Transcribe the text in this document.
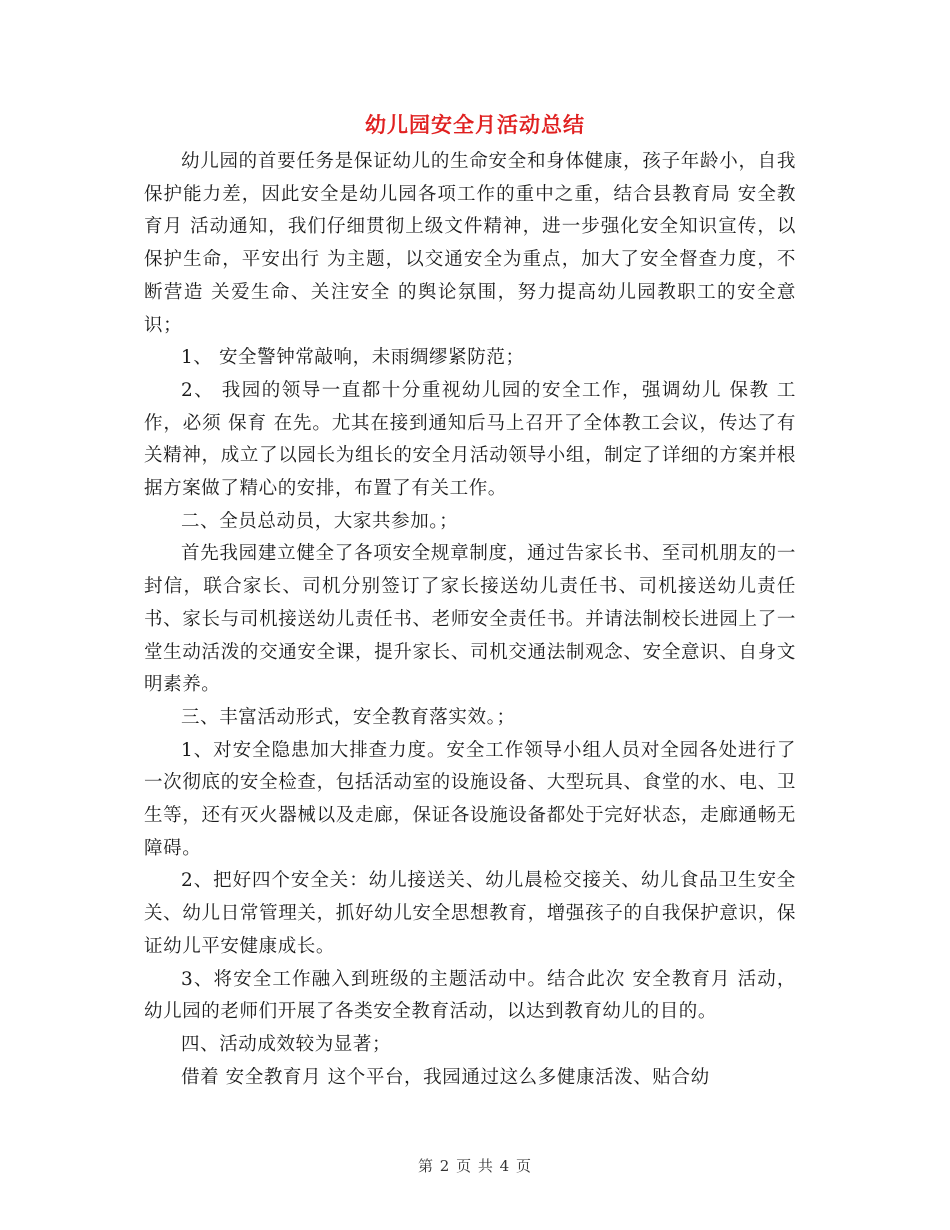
幼儿园安全月活动总结

幼儿园的首要任务是保证幼儿的生命安全和身体健康，孩子年龄小，自我保护能力差，因此安全是幼儿园各项工作的重中之重，结合县教育局 安全教育月 活动通知，我们仔细贯彻上级文件精神，进一步强化安全知识宣传，以 保护生命，平安出行 为主题，以交通安全为重点，加大了安全督查力度，不断营造 关爱生命、关注安全 的舆论氛围，努力提高幼儿园教职工的安全意识；

1、 安全警钟常敲响，未雨绸缪紧防范；

2、 我园的领导一直都十分重视幼儿园的安全工作，强调幼儿 保教 工作，必须 保育 在先。尤其在接到通知后马上召开了全体教工会议，传达了有关精神，成立了以园长为组长的安全月活动领导小组，制定了详细的方案并根据方案做了精心的安排，布置了有关工作。

二、全员总动员，大家共参加。；

首先我园建立健全了各项安全规章制度，通过告家长书、至司机朋友的一封信，联合家长、司机分别签订了家长接送幼儿责任书、司机接送幼儿责任书、家长与司机接送幼儿责任书、老师安全责任书。并请法制校长进园上了一堂生动活泼的交通安全课，提升家长、司机交通法制观念、安全意识、自身文明素养。

三、丰富活动形式，安全教育落实效。；

1、对安全隐患加大排查力度。安全工作领导小组人员对全园各处进行了一次彻底的安全检查，包括活动室的设施设备、大型玩具、食堂的水、电、卫生等，还有灭火器械以及走廊，保证各设施设备都处于完好状态，走廊通畅无障碍。

2、把好四个安全关：幼儿接送关、幼儿晨检交接关、幼儿食品卫生安全关、幼儿日常管理关，抓好幼儿安全思想教育，增强孩子的自我保护意识，保证幼儿平安健康成长。

3、将安全工作融入到班级的主题活动中。结合此次 安全教育月 活动，幼儿园的老师们开展了各类安全教育活动，以达到教育幼儿的目的。

四、活动成效较为显著；

借着 安全教育月 这个平台，我园通过这么多健康活泼、贴合幼

第 2 页 共 4 页
